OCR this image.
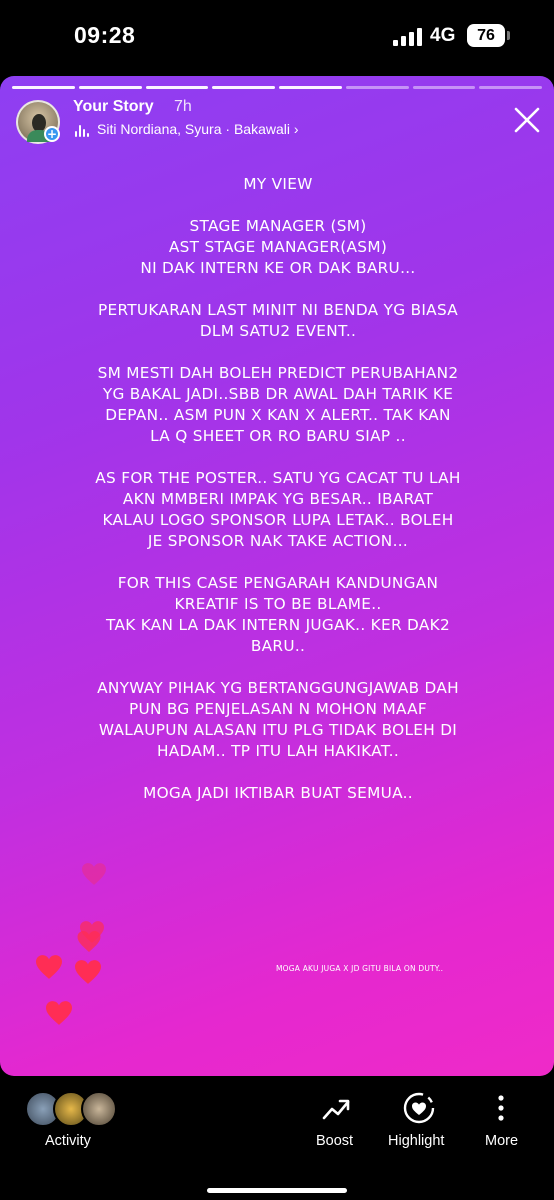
09:28	4G	76
+
Your Story 7h
Siti Nordiana, Syura · Bakawali ›

MY VIEW

STAGE MANAGER (SM)

AST STAGE MANAGER(ASM)

NI DAK INTERN KE OR DAK BARU…

PERTUKARAN LAST MINIT NI BENDA YG BIASA

DLM SATU2 EVENT..

SM MESTI DAH BOLEH PREDICT PERUBAHAN2

YG BAKAL JADI..SBB DR AWAL DAH TARIK KE

DEPAN.. ASM PUN X KAN X ALERT.. TAK KAN

LA Q SHEET OR RO BARU SIAP ..

AS FOR THE POSTER.. SATU YG CACAT TU LAH

AKN MMBERI IMPAK YG BESAR.. IBARAT

KALAU LOGO SPONSOR LUPA LETAK.. BOLEH

JE SPONSOR NAK TAKE ACTION…

FOR THIS CASE PENGARAH KANDUNGAN

KREATIF IS TO BE BLAME..

TAK KAN LA DAK INTERN JUGAK.. KER DAK2

BARU..

ANYWAY PIHAK YG BERTANGGUNGJAWAB DAH

PUN BG PENJELASAN N MOHON MAAF

WALAUPUN ALASAN ITU PLG TIDAK BOLEH DI

HADAM.. TP ITU LAH HAKIKAT..

MOGA JADI IKTIBAR BUAT SEMUA..

MOGA AKU JUGA X JD GITU BILA ON DUTY..
Activity	Boost Highlight	More
